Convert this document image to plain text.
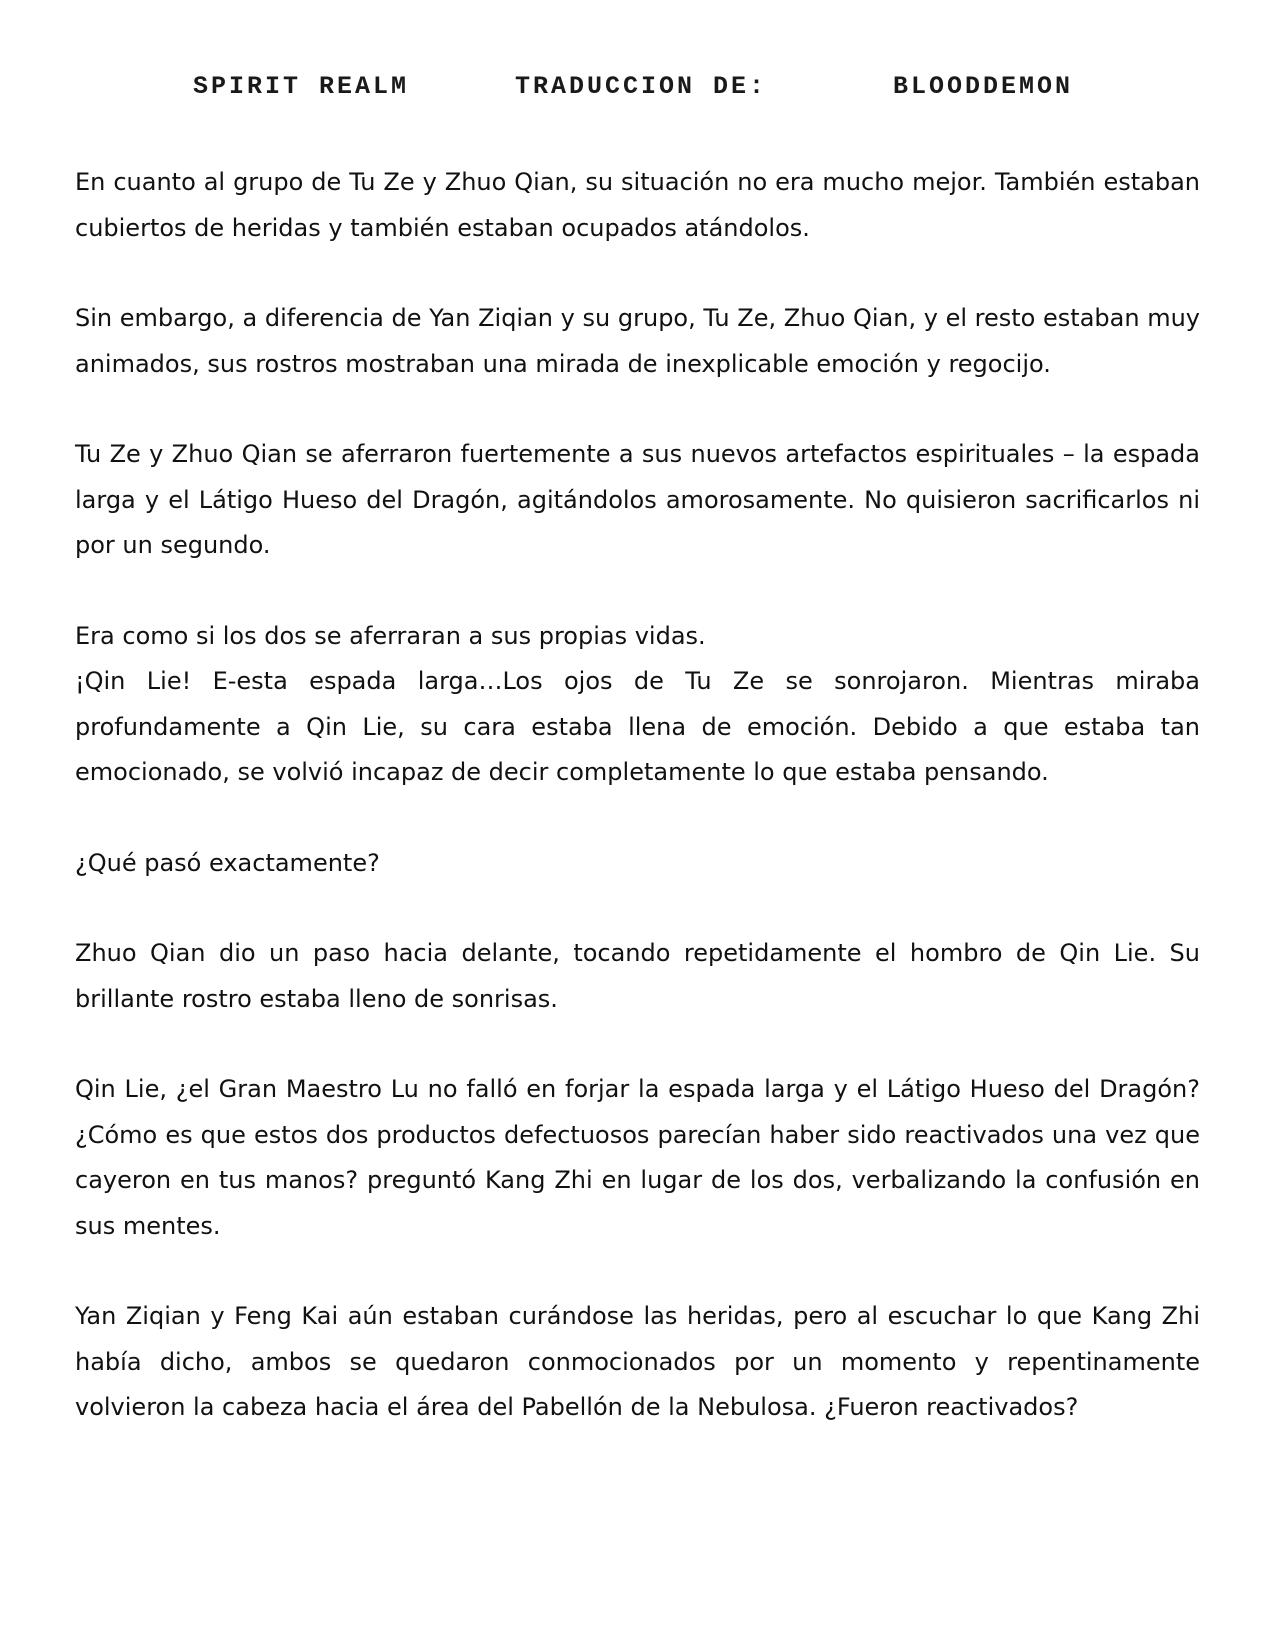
SPIRIT REALM	TRADUCCION DE:	BLOODDEMON

En cuanto al grupo de Tu Ze y Zhuo Qian, su situación no era mucho mejor. También estaban cubiertos de heridas y también estaban ocupados atándolos.

Sin embargo, a diferencia de Yan Ziqian y su grupo, Tu Ze, Zhuo Qian, y el resto estaban muy animados, sus rostros mostraban una mirada de inexplicable emoción y regocijo.

Tu Ze y Zhuo Qian se aferraron fuertemente a sus nuevos artefactos espirituales – la espada larga y el Látigo Hueso del Dragón, agitándolos amorosamente. No quisieron sacrificarlos ni por un segundo.

Era como si los dos se aferraran a sus propias vidas.

¡Qin Lie! E-esta espada larga…Los ojos de Tu Ze se sonrojaron. Mientras miraba profundamente a Qin Lie, su cara estaba llena de emoción. Debido a que estaba tan emocionado, se volvió incapaz de decir completamente lo que estaba pensando.

¿Qué pasó exactamente?

Zhuo Qian dio un paso hacia delante, tocando repetidamente el hombro de Qin Lie. Su brillante rostro estaba lleno de sonrisas.

Qin Lie, ¿el Gran Maestro Lu no falló en forjar la espada larga y el Látigo Hueso del Dragón? ¿Cómo es que estos dos productos defectuosos parecían haber sido reactivados una vez que cayeron en tus manos? preguntó Kang Zhi en lugar de los dos, verbalizando la confusión en sus mentes.

Yan Ziqian y Feng Kai aún estaban curándose las heridas, pero al escuchar lo que Kang Zhi había dicho, ambos se quedaron conmocionados por un momento y repentinamente volvieron la cabeza hacia el área del Pabellón de la Nebulosa. ¿Fueron reactivados?
